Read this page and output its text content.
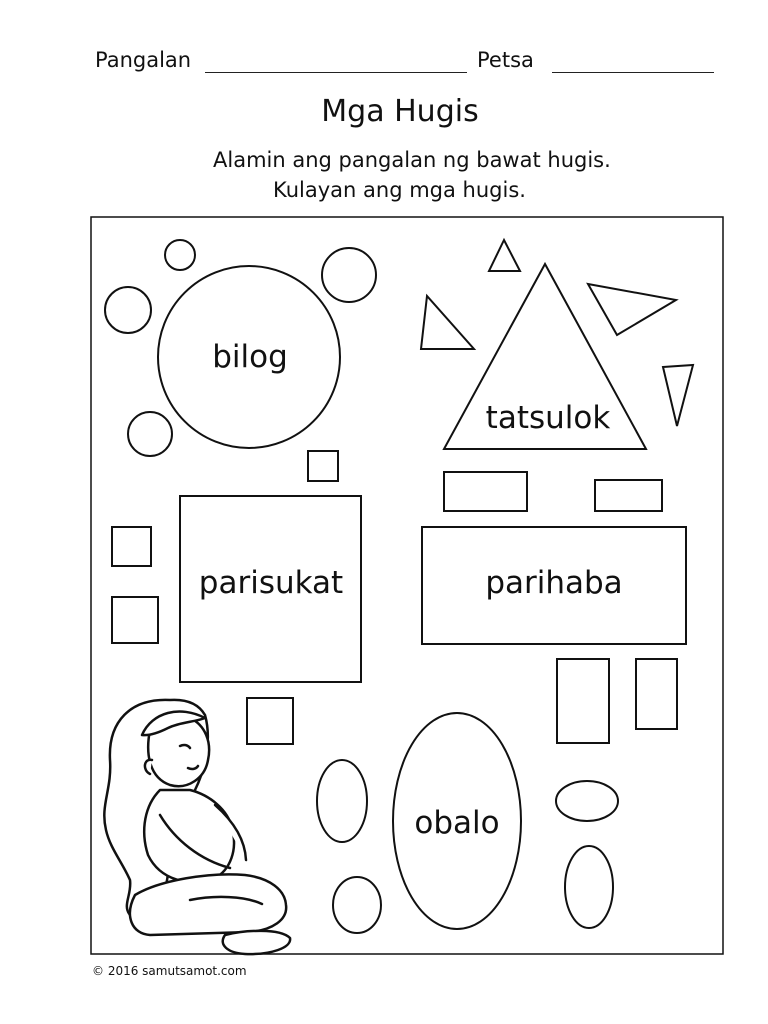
Pangalan	Petsa
Mga Hugis
Alamin ang pangalan ng bawat hugis.
Kulayan ang mga hugis.
bilog
tatsulok
parisukat	parihaba
obalo
© 2016 samutsamot.com
